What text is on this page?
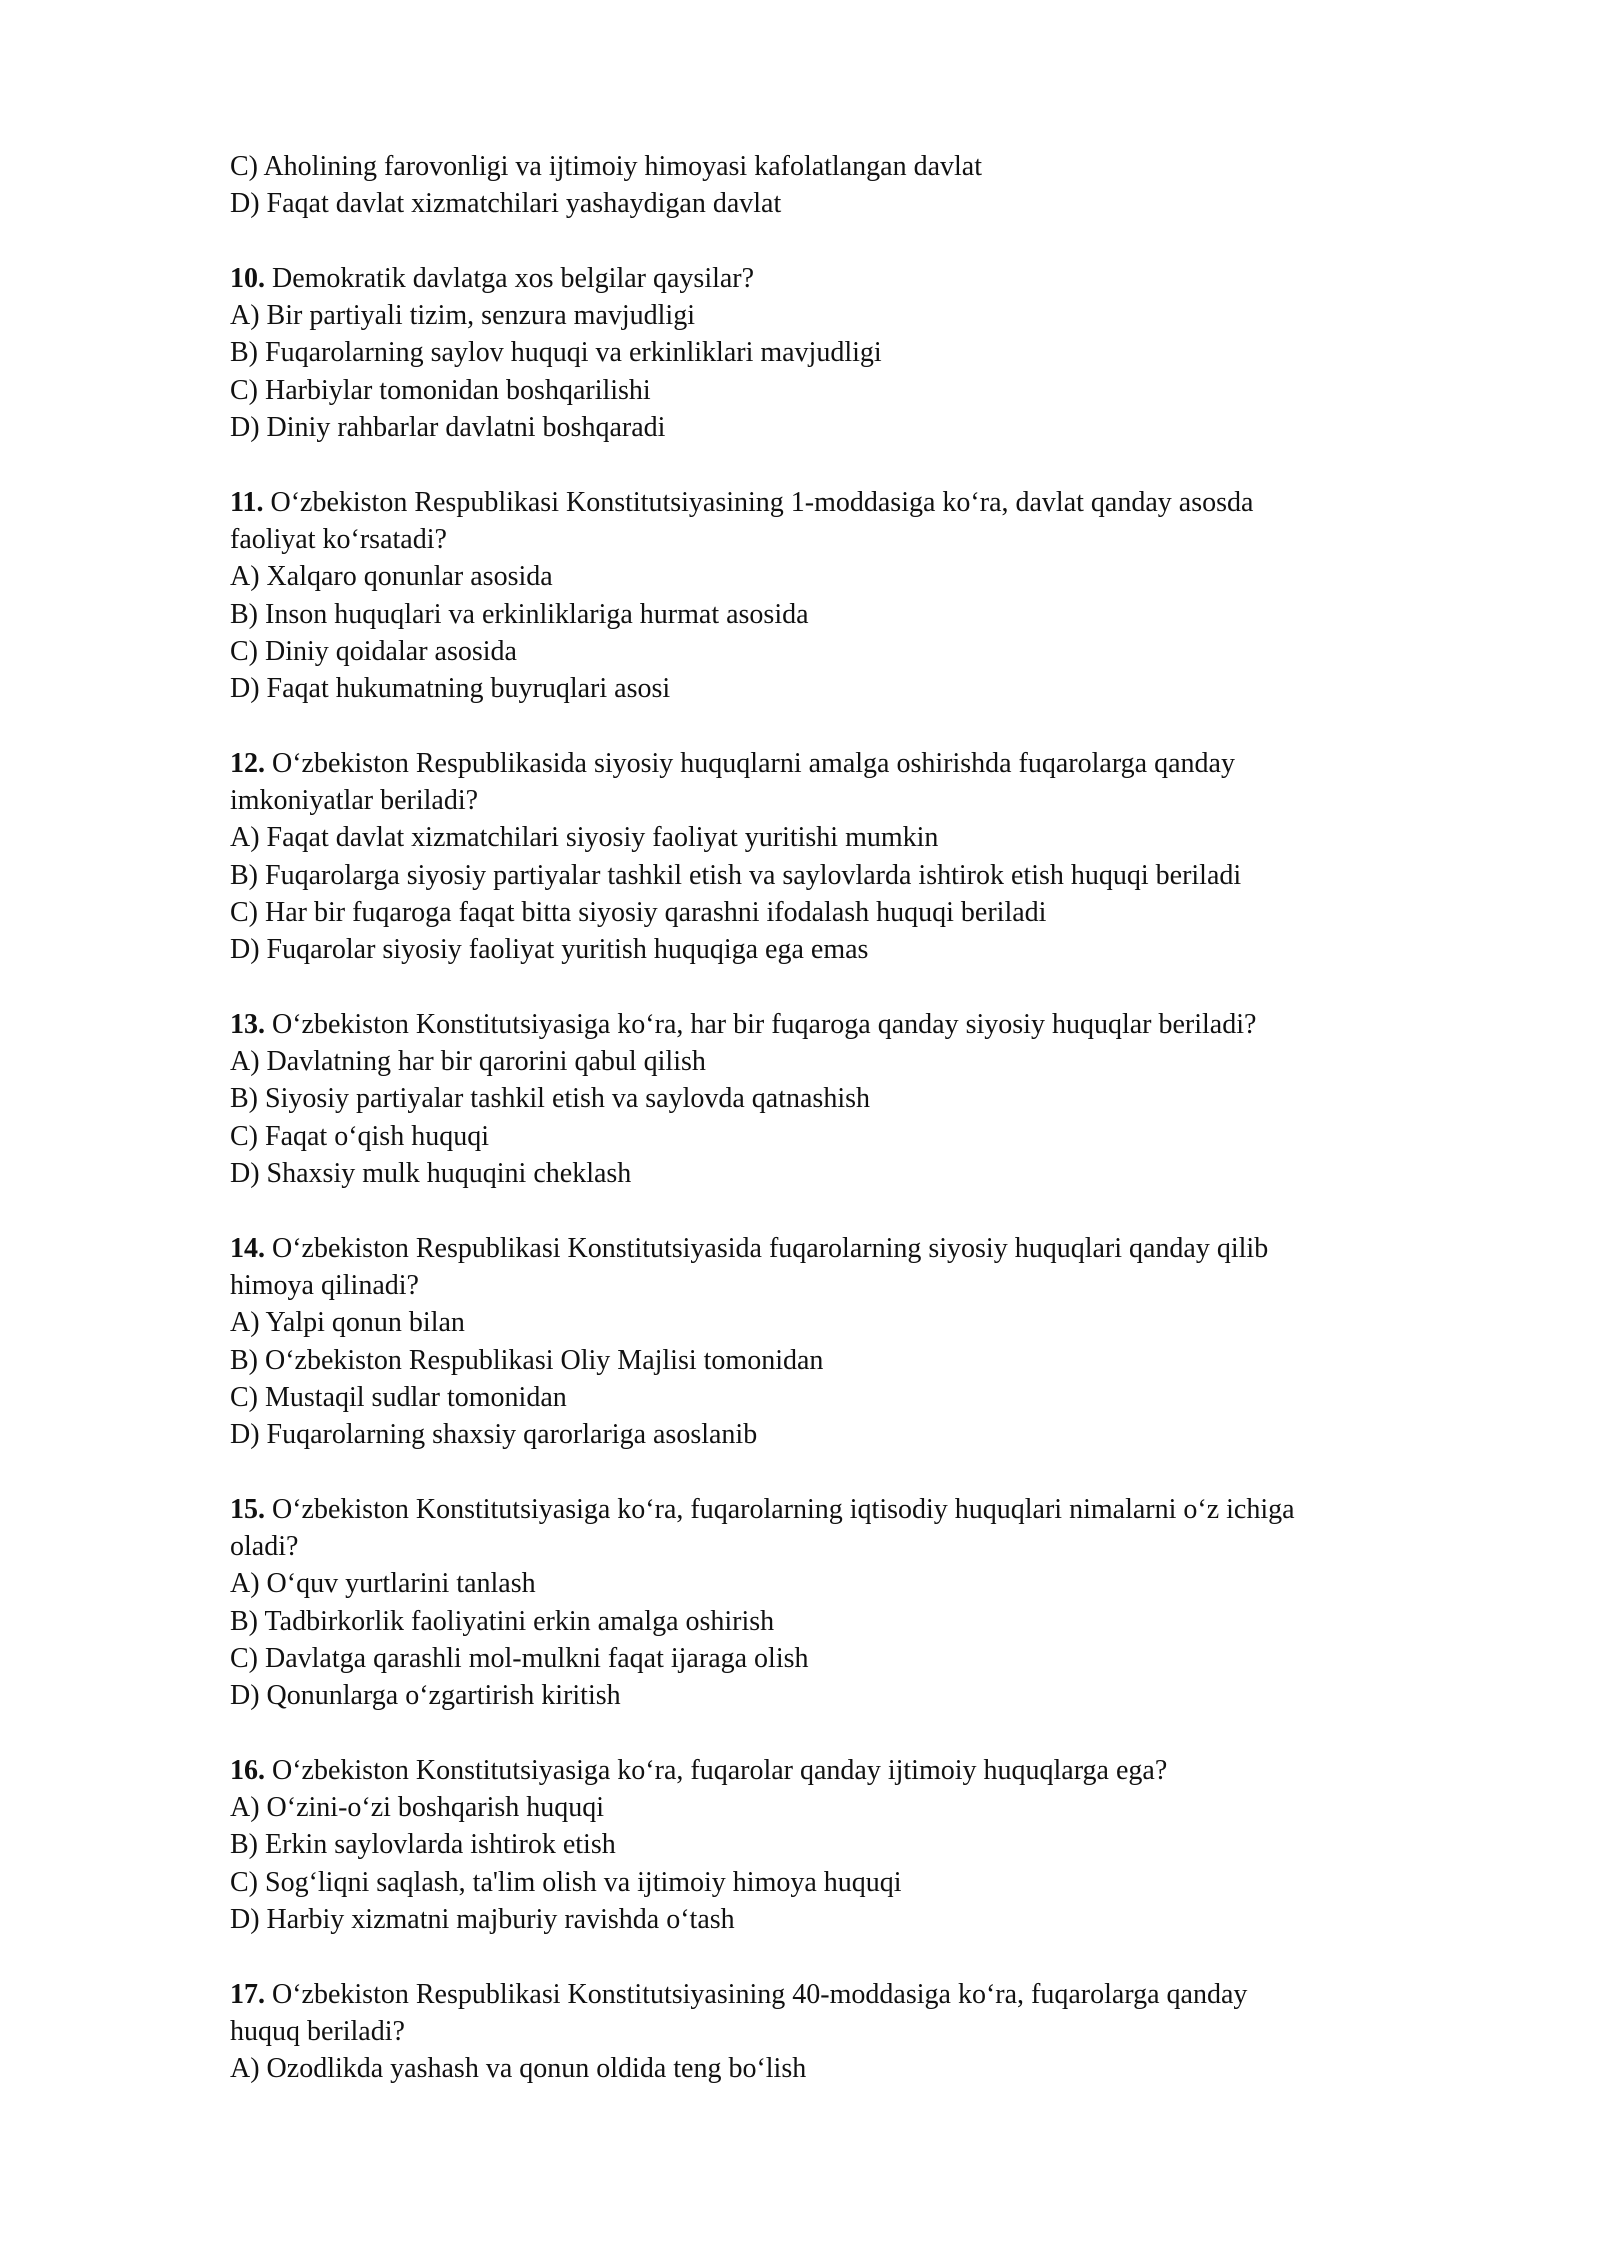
C) Aholining farovonligi va ijtimoiy himoyasi kafolatlangan davlat
D) Faqat davlat xizmatchilari yashaydigan davlat
10. Demokratik davlatga xos belgilar qaysilar?
A) Bir partiyali tizim, senzura mavjudligi
B) Fuqarolarning saylov huquqi va erkinliklari mavjudligi
C) Harbiylar tomonidan boshqarilishi
D) Diniy rahbarlar davlatni boshqaradi
11. O‘zbekiston Respublikasi Konstitutsiyasining 1-moddasiga ko‘ra, davlat qanday asosda
faoliyat ko‘rsatadi?
A) Xalqaro qonunlar asosida
B) Inson huquqlari va erkinliklariga hurmat asosida
C) Diniy qoidalar asosida
D) Faqat hukumatning buyruqlari asosi
12. O‘zbekiston Respublikasida siyosiy huquqlarni amalga oshirishda fuqarolarga qanday
imkoniyatlar beriladi?
A) Faqat davlat xizmatchilari siyosiy faoliyat yuritishi mumkin
B) Fuqarolarga siyosiy partiyalar tashkil etish va saylovlarda ishtirok etish huquqi beriladi
C) Har bir fuqaroga faqat bitta siyosiy qarashni ifodalash huquqi beriladi
D) Fuqarolar siyosiy faoliyat yuritish huquqiga ega emas
13. O‘zbekiston Konstitutsiyasiga ko‘ra, har bir fuqaroga qanday siyosiy huquqlar beriladi?
A) Davlatning har bir qarorini qabul qilish
B) Siyosiy partiyalar tashkil etish va saylovda qatnashish
C) Faqat o‘qish huquqi
D) Shaxsiy mulk huquqini cheklash
14. O‘zbekiston Respublikasi Konstitutsiyasida fuqarolarning siyosiy huquqlari qanday qilib
himoya qilinadi?
A) Yalpi qonun bilan
B) O‘zbekiston Respublikasi Oliy Majlisi tomonidan
C) Mustaqil sudlar tomonidan
D) Fuqarolarning shaxsiy qarorlariga asoslanib
15. O‘zbekiston Konstitutsiyasiga ko‘ra, fuqarolarning iqtisodiy huquqlari nimalarni o‘z ichiga
oladi?
A) O‘quv yurtlarini tanlash
B) Tadbirkorlik faoliyatini erkin amalga oshirish
C) Davlatga qarashli mol-mulkni faqat ijaraga olish
D) Qonunlarga o‘zgartirish kiritish
16. O‘zbekiston Konstitutsiyasiga ko‘ra, fuqarolar qanday ijtimoiy huquqlarga ega?
A) O‘zini-o‘zi boshqarish huquqi
B) Erkin saylovlarda ishtirok etish
C) Sog‘liqni saqlash, ta'lim olish va ijtimoiy himoya huquqi
D) Harbiy xizmatni majburiy ravishda o‘tash
17. O‘zbekiston Respublikasi Konstitutsiyasining 40-moddasiga ko‘ra, fuqarolarga qanday
huquq beriladi?
A) Ozodlikda yashash va qonun oldida teng bo‘lish
